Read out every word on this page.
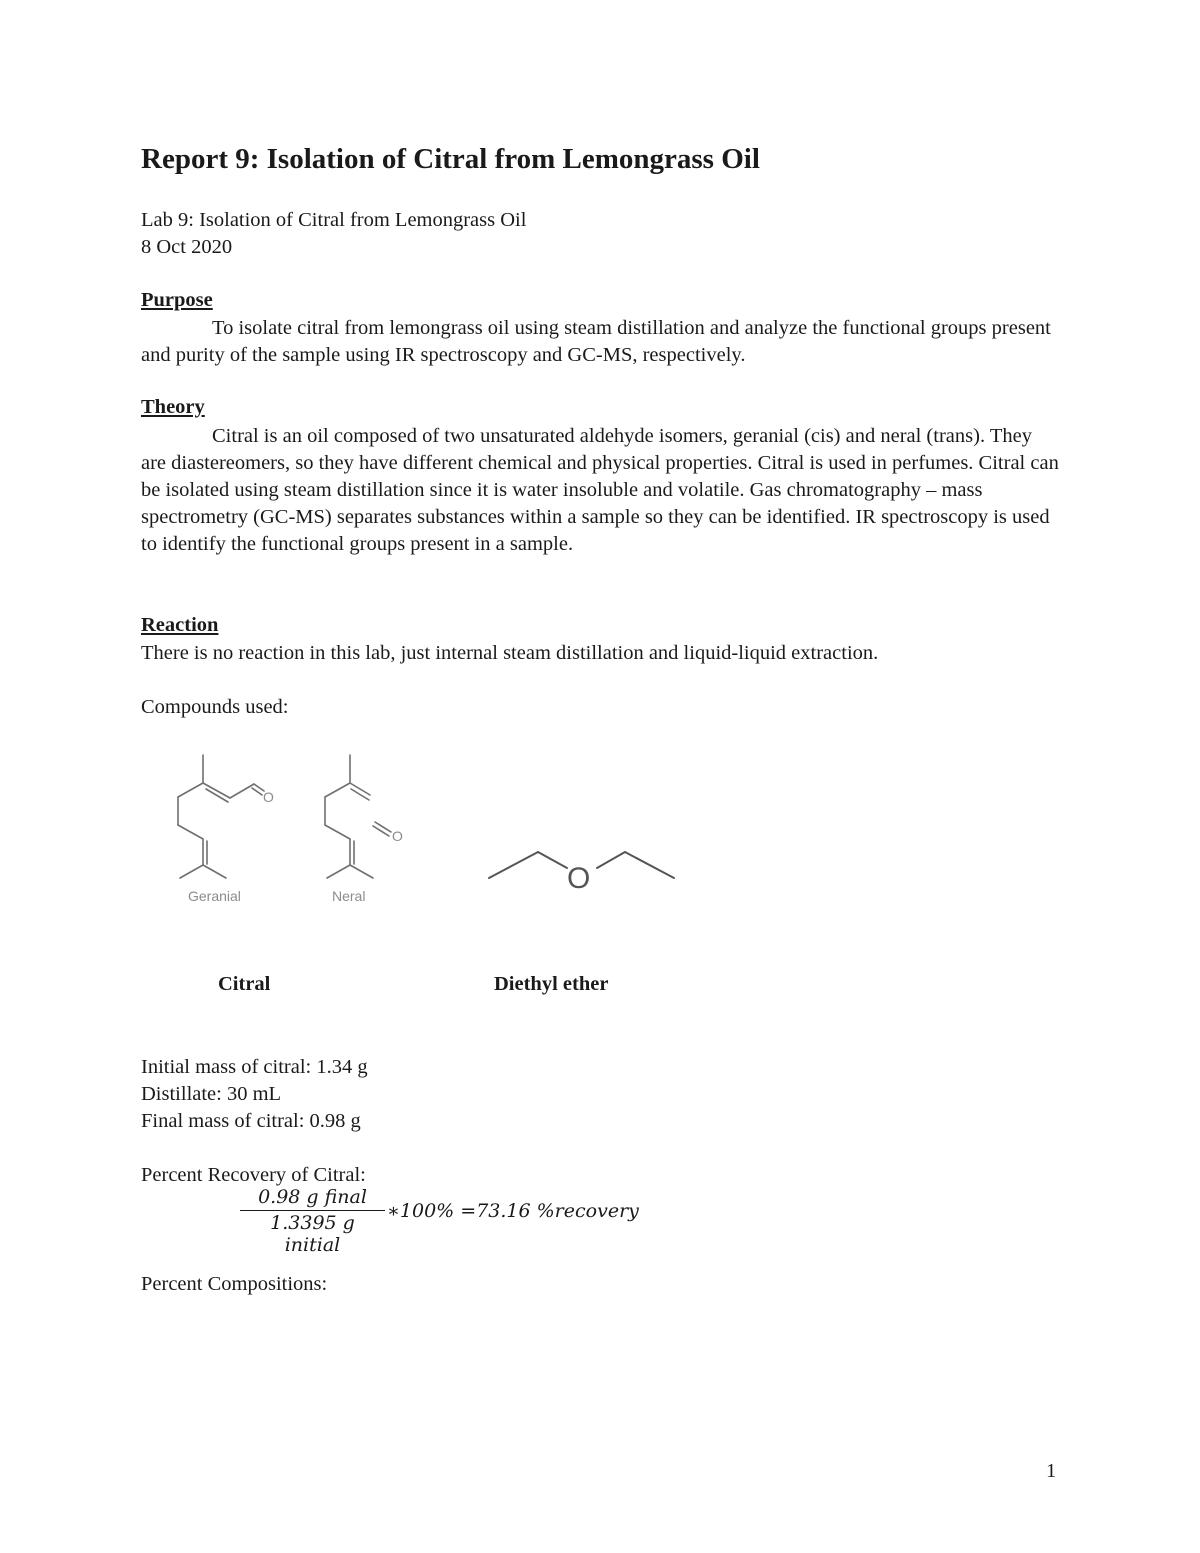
Report 9: Isolation of Citral from Lemongrass Oil
Lab 9: Isolation of Citral from Lemongrass Oil
8 Oct 2020
Purpose

To isolate citral from lemongrass oil using steam distillation and analyze the functional groups present and purity of the sample using IR spectroscopy and GC-MS, respectively.

Theory

Citral is an oil composed of two unsaturated aldehyde isomers, geranial (cis) and neral (trans). They are diastereomers, so they have different chemical and physical properties. Citral is used in perfumes. Citral can be isolated using steam distillation since it is water insoluble and volatile. Gas chromatography – mass spectrometry (GC-MS) separates substances within a sample so they can be identified. IR spectroscopy is used to identify the functional groups present in a sample.

Reaction
There is no reaction in this lab, just internal steam distillation and liquid-liquid extraction.
Compounds used:
O
O
Geranial	Neral
O
Citral	Diethyl ether
Initial mass of citral: 1.34 g
Distillate: 30 mL
Final mass of citral: 0.98 g
Percent Recovery of Citral:
0.98 g final
1.3395 g initial
∗100% =73.16 %recovery
Percent Compositions:
1
